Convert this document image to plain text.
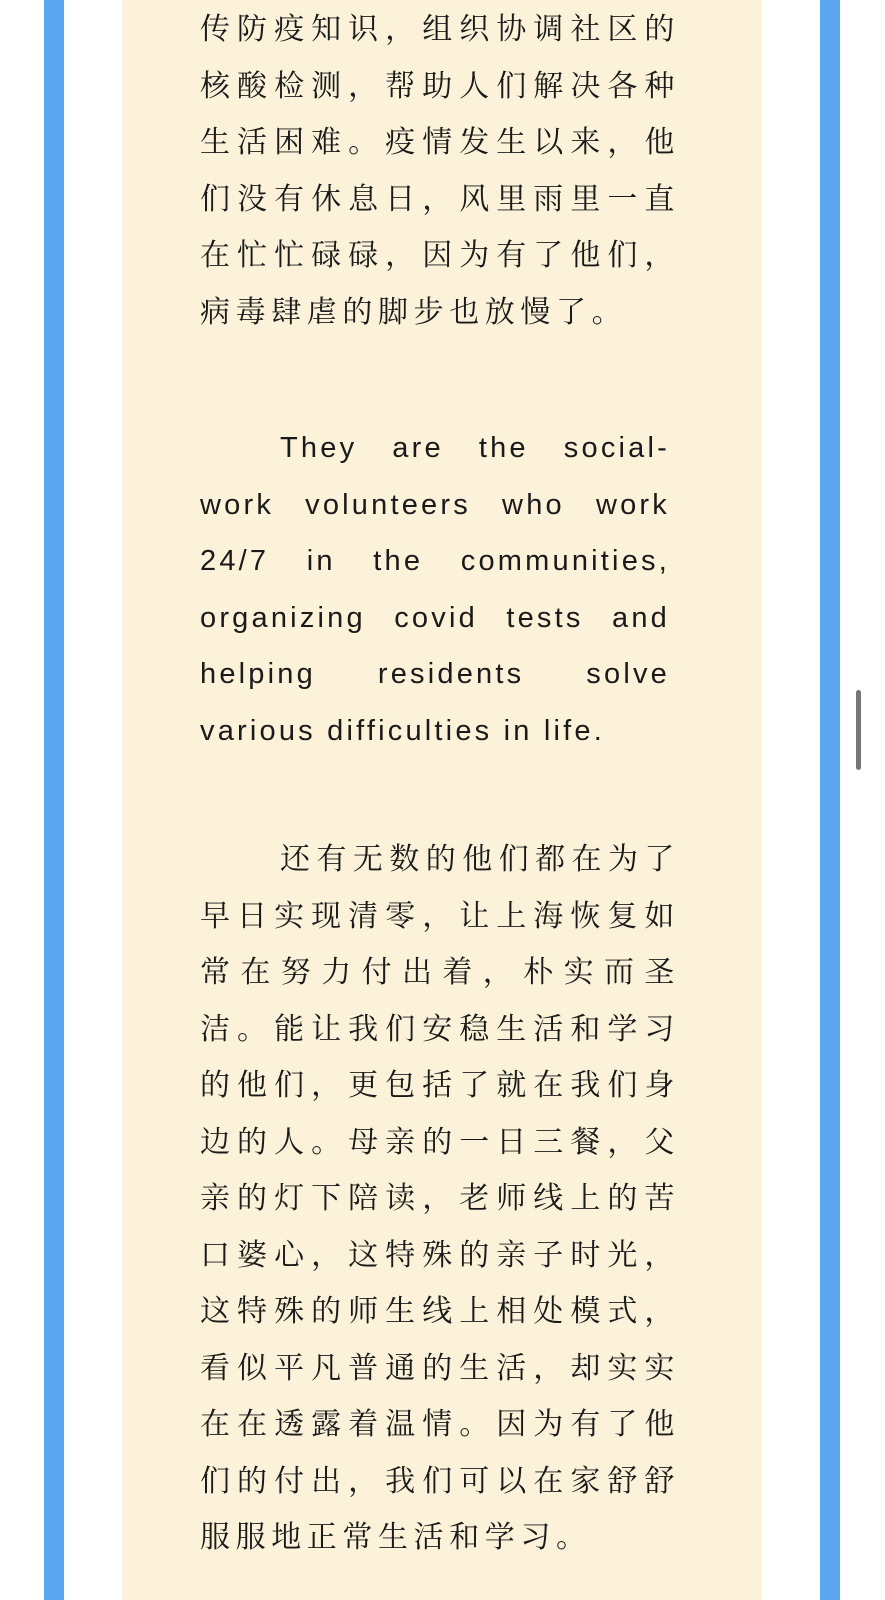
传防疫知识，组织协调社区的
核酸检测，帮助人们解决各种
生活困难。疫情发生以来，他
们没有休息日，风里雨里一直
在忙忙碌碌，因为有了他们，
病毒肆虐的脚步也放慢了。

They are the social-
work volunteers who work
24/7 in the communities,
organizing covid tests and
helping residents solve
various difficulties in life.

还有无数的他们都在为了
早日实现清零，让上海恢复如
常在努力付出着，朴实而圣
洁。能让我们安稳生活和学习
的他们，更包括了就在我们身
边的人。母亲的一日三餐，父
亲的灯下陪读，老师线上的苦
口婆心，这特殊的亲子时光，
这特殊的师生线上相处模式，
看似平凡普通的生活，却实实
在在透露着温情。因为有了他
们的付出，我们可以在家舒舒
服服地正常生活和学习。
